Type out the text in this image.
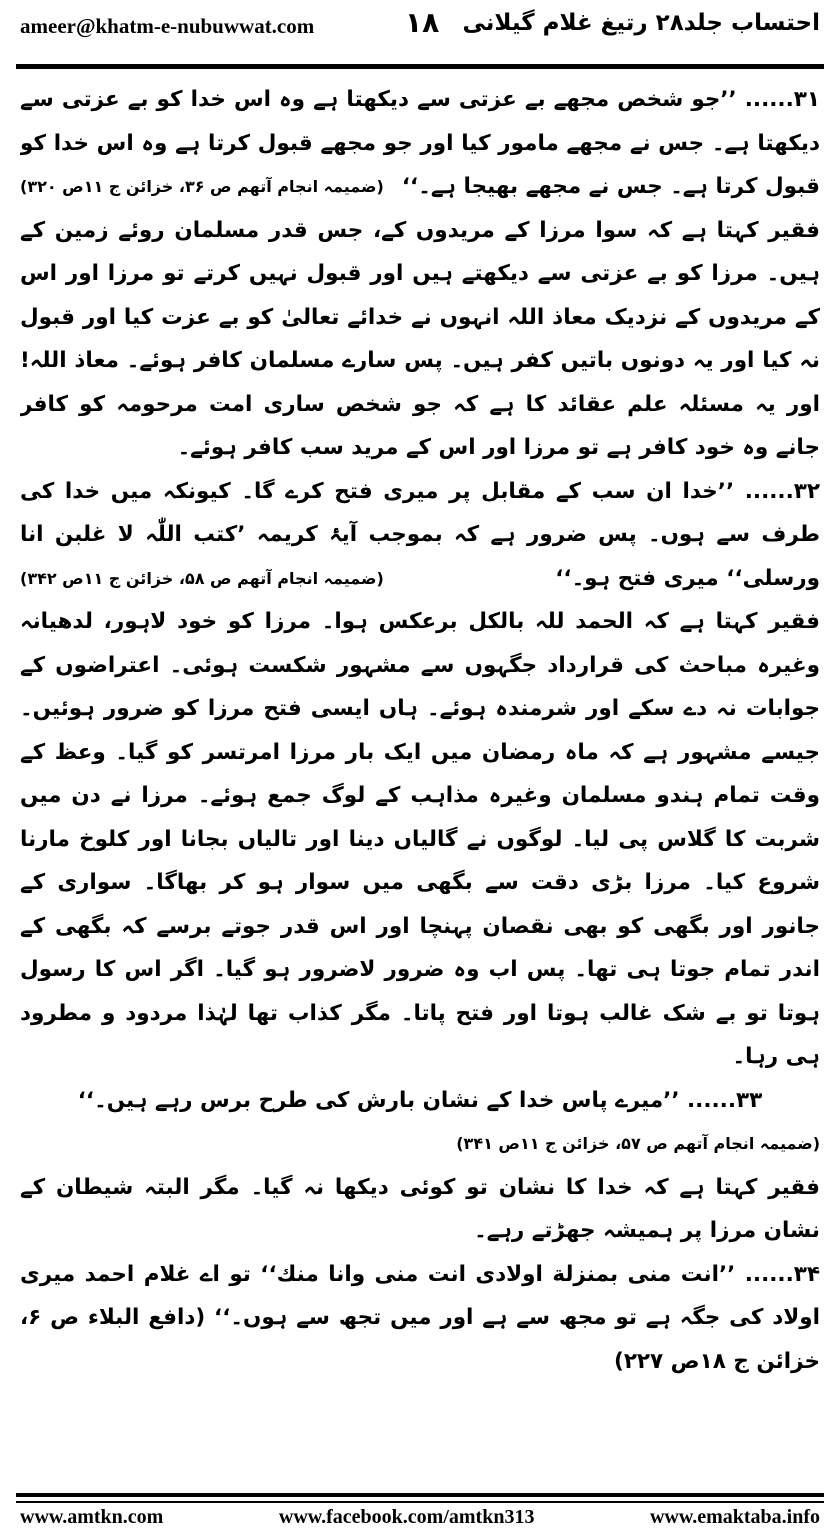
ameer@khatm-e-nubuwwat.com	١٨ احتساب جلد۲۸ رتیغ غلام گیلانی

۳۱...... ’’جو شخص مجھے بے عزتی سے دیکھتا ہے وہ اس خدا کو بے عزتی سے دیکھتا ہے۔ جس نے مجھے مامور کیا اور جو مجھے قبول کرتا ہے وہ اس خدا کو قبول کرتا ہے۔ جس نے مجھے بھیجا ہے۔‘‘
(ضمیمہ انجام آتھم ص ۳۶، خزائن ج ۱۱ص ۳۲۰)

فقیر کہتا ہے کہ سوا مرزا کے مریدوں کے، جس قدر مسلمان روئے زمین کے ہیں۔ مرزا کو بے عزتی سے دیکھتے ہیں اور قبول نہیں کرتے تو مرزا اور اس کے مریدوں کے نزدیک معاذ اللہ انہوں نے خدائے تعالیٰ کو بے عزت کیا اور قبول نہ کیا اور یہ دونوں باتیں کفر ہیں۔ پس سارے مسلمان کافر ہوئے۔ معاذ اللہ! اور یہ مسئلہ علم عقائد کا ہے کہ جو شخص ساری امت مرحومہ کو کافر جانے وہ خود کافر ہے تو مرزا اور اس کے مرید سب کافر ہوئے۔

۳۲...... ’’خدا ان سب کے مقابل پر میری فتح کرے گا۔ کیونکہ میں خدا کی طرف سے ہوں۔ پس ضرور ہے کہ بموجب آیۂ کریمہ ’کتب اللّٰہ لا غلبن انا ورسلی‘‘ میری فتح ہو۔‘‘
(ضمیمہ انجام آتھم ص ۵۸، خزائن ج ۱۱ص ۳۴۲)

فقیر کہتا ہے کہ الحمد للہ بالکل برعکس ہوا۔ مرزا کو خود لاہور، لدھیانہ وغیرہ مباحث کی قرارداد جگہوں سے مشہور شکست ہوئی۔ اعتراضوں کے جوابات نہ دے سکے اور شرمندہ ہوئے۔ ہاں ایسی فتح مرزا کو ضرور ہوئیں۔ جیسے مشہور ہے کہ ماہ رمضان میں ایک بار مرزا امرتسر کو گیا۔ وعظ کے وقت تمام ہندو مسلمان وغیرہ مذاہب کے لوگ جمع ہوئے۔ مرزا نے دن میں شربت کا گلاس پی لیا۔ لوگوں نے گالیاں دینا اور تالیاں بجانا اور کلوخ مارنا شروع کیا۔ مرزا بڑی دقت سے بگھی میں سوار ہو کر بھاگا۔ سواری کے جانور اور بگھی کو بھی نقصان پہنچا اور اس قدر جوتے برسے کہ بگھی کے اندر تمام جوتا ہی تھا۔ پس اب وہ ضرور لاضرور ہو گیا۔ اگر اس کا رسول ہوتا تو بے شک غالب ہوتا اور فتح پاتا۔ مگر کذاب تھا لہٰذا مردود و مطرود ہی رہا۔

۳۳...... ’’میرے پاس خدا کے نشان بارش کی طرح برس رہے ہیں۔‘‘

(ضمیمہ انجام آتھم ص ۵۷، خزائن ج ۱۱ص ۳۴۱)

فقیر کہتا ہے کہ خدا کا نشان تو کوئی دیکھا نہ گیا۔ مگر البتہ شیطان کے نشان مرزا پر ہمیشہ جھڑتے رہے۔

۳۴...... ’’انت منی بمنزلة اولادی انت منی وانا منك‘‘ تو اے غلام احمد میری اولاد کی جگہ ہے تو مجھ سے ہے اور میں تجھ سے ہوں۔‘‘ (دافع البلاء ص ۶، خزائن ج ۱۸ص ۲۲۷)

www.amtkn.com	www.facebook.com/amtkn313	www.emaktaba.info
